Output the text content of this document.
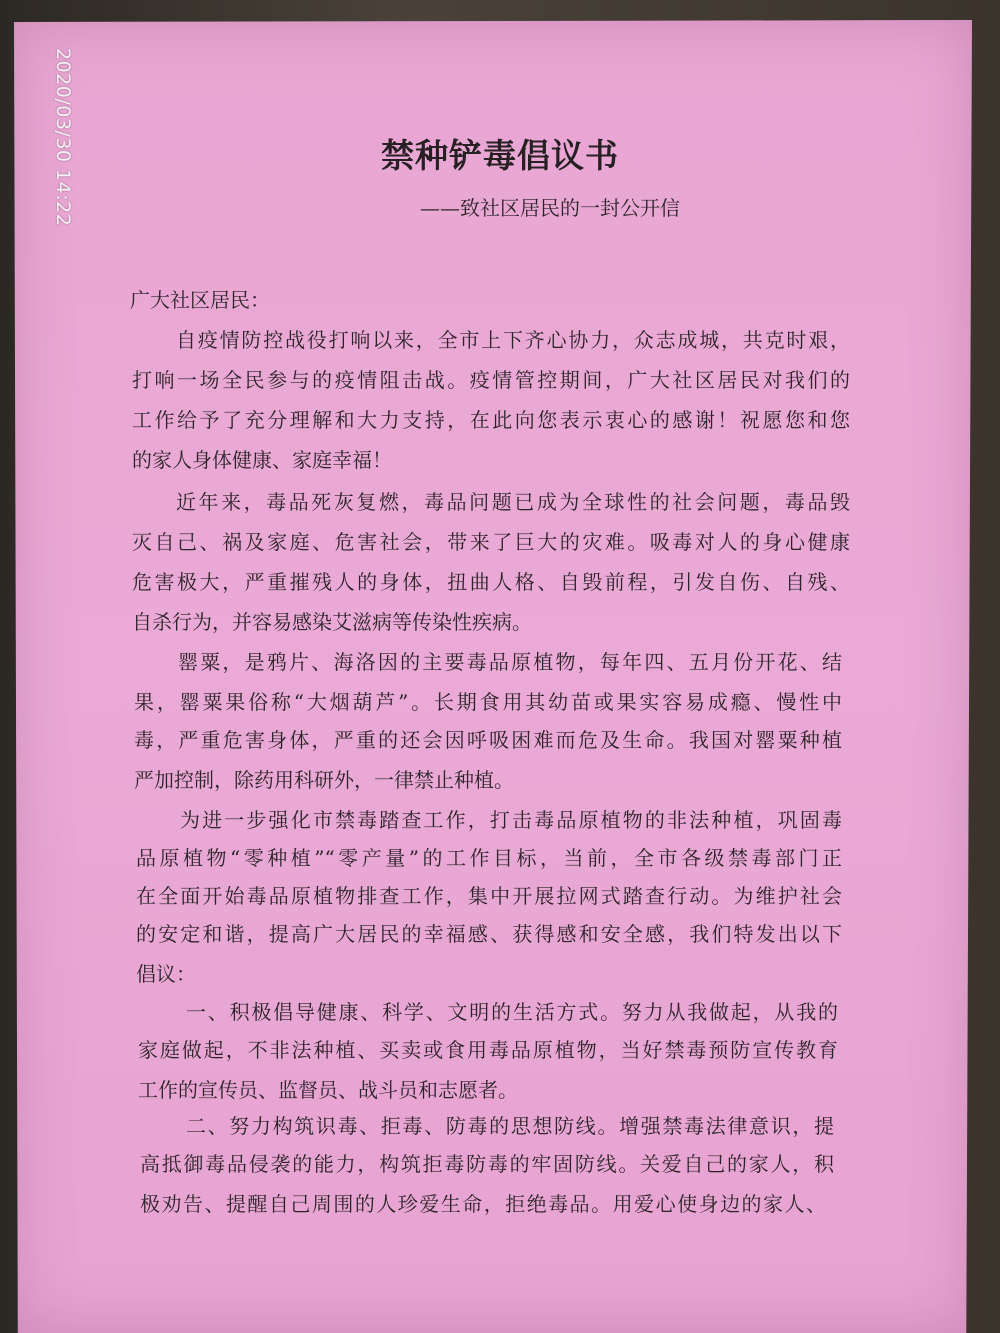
2020/03/30 14:22	禁种铲毒倡议书
——致社区居民的一封公开信
广大社区居民：
自疫情防控战役打响以来，全市上下齐心协力，众志成城，共克时艰，
打响一场全民参与的疫情阻击战。疫情管控期间，广大社区居民对我们的
工作给予了充分理解和大力支持，在此向您表示衷心的感谢！祝愿您和您
的家人身体健康、家庭幸福！
近年来，毒品死灰复燃，毒品问题已成为全球性的社会问题，毒品毁
灭自己、祸及家庭、危害社会，带来了巨大的灾难。吸毒对人的身心健康
危害极大，严重摧残人的身体，扭曲人格、自毁前程，引发自伤、自残、
自杀行为，并容易感染艾滋病等传染性疾病。
罂粟，是鸦片、海洛因的主要毒品原植物，每年四、五月份开花、结
果，罂粟果俗称“大烟葫芦”。长期食用其幼苗或果实容易成瘾、慢性中
毒，严重危害身体，严重的还会因呼吸困难而危及生命。我国对罂粟种植
严加控制，除药用科研外，一律禁止种植。
为进一步强化市禁毒踏查工作，打击毒品原植物的非法种植，巩固毒
品原植物“零种植”“零产量”的工作目标，当前，全市各级禁毒部门正
在全面开始毒品原植物排查工作，集中开展拉网式踏查行动。为维护社会
的安定和谐，提高广大居民的幸福感、获得感和安全感，我们特发出以下
倡议：
一、积极倡导健康、科学、文明的生活方式。努力从我做起，从我的
家庭做起，不非法种植、买卖或食用毒品原植物，当好禁毒预防宣传教育
工作的宣传员、监督员、战斗员和志愿者。
二、努力构筑识毒、拒毒、防毒的思想防线。增强禁毒法律意识，提
高抵御毒品侵袭的能力，构筑拒毒防毒的牢固防线。关爱自己的家人，积
极劝告、提醒自己周围的人珍爱生命，拒绝毒品。用爱心使身边的家人、
